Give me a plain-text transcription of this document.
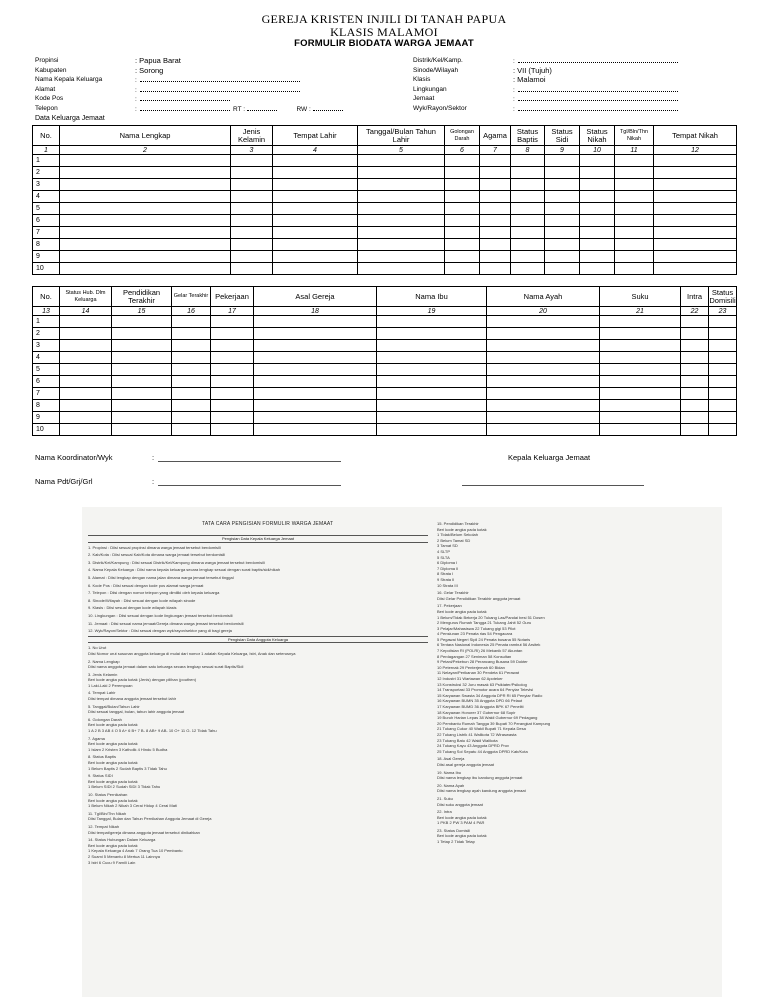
GEREJA KRISTEN INJILI DI TANAH PAPUA
KLASIS MALAMOI
FORMULIR BIODATA WARGA JEMAAT
Propinsi	: Papua Barat
Kabupaten	: Sorong
Nama Kepala Keluarga	:
Alamat	:
Kode Pos	:
Telepon	:
Distrik/Kel/Kamp.	:
Sinode/Wilayah	: VII (Tujuh)
Klasis	: Malamoi
Lingkungan	:
Jemaat	:
Wyk/Rayon/Sektor	:
RT :	RW :
Data Keluarga Jemaat
No.	Nama Lengkap	Jenis Kelamin	Tempat Lahir	Tanggal/Bulan Tahun Lahir	Golongan Darah	Agama	Status Baptis	Status Sidi	Status Nikah	Tgl/Bln/Thn Nikah	Tempat Nikah
1	2	3	4	5	6	7	8	9	10	11	12
1											
2											
3											
4											
5											
6											
7											
8											
9											
10											
No.	Status Hub. Dlm Keluarga	Pendidikan Terakhir	Gelar Terakhir	Pekerjaan	Asal Gereja	Nama Ibu	Nama Ayah	Suku	Intra	Status Domisili
13	14	15	16	17	18	19	20	21	22	23
1										
2										
3										
4										
5										
6										
7										
8										
9										
10										
Nama Koordinator/Wyk	:	Kepala Keluarga Jemaat
Nama Pdt/Grj/Grl	:
TATA CARA PENGISIAN FORMULIR WARGA JEMAAT
Pengisian Data Kepala Keluarga Jemaat
1. Propinsi : Diisi sesuai propinsi dimana warga jemaat tersebut berdomisili
2. Kab/Kota : Diisi sesuai Kab/Kota dimana warga jemaat tersebut berdomisili
3. Distrik/Kel/Kampung : Diisi sesuai Distrik/Kel/Kampung dimana warga jemaat tersebut berdomisili
4. Nama Kepala Keluarga : Diisi nama kepala keluarga secara lengkap sesuai dengan surat baptis/sidi/nikah
5. Alamat : Diisi lengkap dengan nama jalan dimana warga jemaat tersebut tinggal
6. Kode Pos : Diisi sesuai dengan kode pos alamat warga jemaat
7. Telepon : Diisi dengan nomor telepon yang dimiliki oleh kepala keluarga
8. Sinode/Wilayah : Diisi sesuai dengan kode wilayah sinode
9. Klasis : Diisi sesuai dengan kode wilayah klasis
10. Lingkungan : Diisi sesuai dengan kode lingkungan jemaat tersebut berdomisili
11. Jemaat : Diisi sesuai nama jemaat/Gereja dimana warga jemaat tersebut berdomisili
12. Wyk/Rayon/Sektor : Diisi sesuai dengan wyk/rayon/sektor yang di bagi gereja
Pengisian Data Anggota Keluarga
1. No Urut
Diisi Nomor urut susunan anggota keluarga di mulai dari nomor 1 adalah Kepala Keluarga, Istri, Anak dan seterusnya
2. Nama Lengkap
Diisi nama anggota jemaat dalam satu keluarga secara lengkap sesuai surat Baptis/Sidi
3. Jenis Kelamin
Beri kode angka pada kotak (Jenis) dengan pilihan (pouthen)
1 Laki-Laki 2 Perempuan
4. Tempat Lahir
Diisi tempat dimana anggota jemaat tersebut lahir
5. Tanggal/Bulan/Tahun Lahir
Diisi sesuai tanggal, bulan, tahun lahir anggota jemaat
6. Golongan Darah
Beri kode angka pada kotak
1 A 2 B 3 AB 4 O 5 A+ 6 B+ 7 B- 8 AB+ 9 AB- 10 O+ 11 O- 12 Tidak Tahu
7. Agama
Beri kode angka pada kotak
1 Islam 2 Kristen 3 Katholik 4 Hindu 5 Budha
8. Status Baptis
Beri kode angka pada kotak
1 Belum Baptis 2 Sudah Baptis 3 Tidak Tahu
9. Status SIDI
Beri kode angka pada kotak
1 Belum SIDI 2 Sudah SIDI 3 Tidak Tahu
10. Status Pernikahan
Beri kode angka pada kotak
1 Belum Nikah 2 Nikah 3 Cerai Hidup 4 Cerai Mati
11. Tgl/Bln/Thn Nikah
Diisi Tanggal, Bulan dan Tahun Pernikahan Anggota Jemaat di Gereja
12. Tempat Nikah
Diisi tempat/gereja dimana anggota jemaat tersebut dinikahkan
14. Status Hubungan Dalam Keluarga
Beri kode angka pada kotak
1 Kepala Keluarga 4 Anak 7 Orang Tua 10 Pembantu
2 Suami 5 Menantu 8 Mertua 11 Lainnya
3 Istri 6 Cucu 9 Famili Lain
15. Pendidikan Terakhir
Beri kode angka pada kotak
1 Tidak/Belum Sekolah
2 Belum Tamat SD
3 Tamat SD
4 SLTP
5 SLTA
6 Diploma I
7 Diploma II
8 Strata I
9 Strata II
10 Strata III
16. Gelar Terakhir
Diisi Gelar Pendidikan Terakhir anggota jemaat
17. Pekerjaan
Beri kode angka pada kotak
1 Belum/Tidak Bekerja 20 Tukang Las/Pandai besi 51 Dosen
2 Mengurus Rumah Tangga 21 Tukang Jahit 52 Guru
3 Pelajar/Mahasiswa 22 Tukang gigi 53 Pilot
4 Pensiunan 23 Penata rias 54 Pengacara
5 Pegawai Negeri Sipil 24 Penata busana 55 Notaris
6 Tentara Nasional Indonesia 25 Penata rambut 56 Arsitek
7 Kepolisian RI (POLRI) 26 Mekanik 57 Akuntan
8 Perdagangan 27 Seniman 58 Konsultan
9 Petani/Pekebun 28 Perancang Busana 59 Dokter
10 Peternak 29 Penterjemah 60 Bidan
11 Nelayan/Perikanan 30 Pendeta 61 Perawat
12 Industri 31 Wartawan 62 Apoteker
13 Konstruksi 32 Juru masak 63 Psikiater/Psikolog
14 Transportasi 33 Promotor acara 64 Penyiar Televisi
15 Karyawan Swasta 34 Anggota DPR RI 65 Penyiar Radio
16 Karyawan BUMN 35 Anggota DPD 66 Pelaut
17 Karyawan BUMD 36 Anggota BPK 67 Peneliti
18 Karyawan Honorer 37 Gubernur 68 Sopir
19 Buruh Harian Lepas 38 Wakil Gubernur 69 Pedagang
20 Pembantu Rumah Tangga 39 Bupati 70 Perangkat Kampung
21 Tukang Cukur 40 Wakil Bupati 71 Kepala Desa
22 Tukang Listrik 41 Walikota 72 Wiraswasta
23 Tukang Batu 42 Wakil Walikota
24 Tukang Kayu 43 Anggota DPRD Prov
25 Tukang Sol Sepatu 44 Anggota DPRD Kab/Kota
18. Asal Gereja
Diisi asal gereja anggota jemaat
19. Nama Ibu
Diisi nama lengkap ibu kandung anggota jemaat
20. Nama Ayah
Diisi nama lengkap ayah kandung anggota jemaat
21. Suku
Diisi suku anggota jemaat
22. Intra
Beri kode angka pada kotak
1 PKB 2 PW 3 PAM 4 PAR
23. Status Domisili
Beri kode angka pada kotak
1 Tetap 2 Tidak Tetap
